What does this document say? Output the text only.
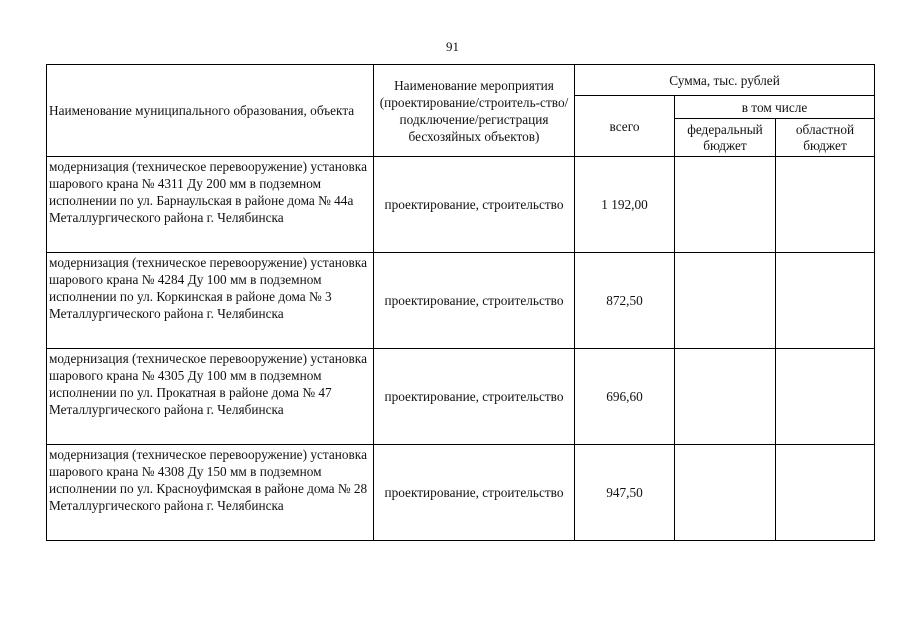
91
Наименование муниципального образования, объекта	Наименование мероприятия (проектирование/строитель-ство/подключение/регистрация бесхозяйных объектов)	Сумма, тыс. рублей		
		всего	в том числе	
			федеральный бюджет	областной бюджет
модернизация (техническое перевооружение) установка шарового крана № 4311 Ду 200 мм в подземном исполнении по ул. Барнаульская в районе дома № 44а Металлургического района г. Челябинска	проектирование, строительство	1 192,00		
модернизация (техническое перевооружение) установка шарового крана № 4284 Ду 100 мм в подземном исполнении по ул. Коркинская в районе дома № 3 Металлургического района г. Челябинска	проектирование, строительство	872,50		
модернизация (техническое перевооружение) установка шарового крана № 4305 Ду 100 мм в подземном исполнении по ул. Прокатная в районе дома № 47 Металлургического района г. Челябинска	проектирование, строительство	696,60		
модернизация (техническое перевооружение) установка шарового крана № 4308 Ду 150 мм в подземном исполнении по ул. Красноуфимская в районе дома № 28 Металлургического района г. Челябинска	проектирование, строительство	947,50		
